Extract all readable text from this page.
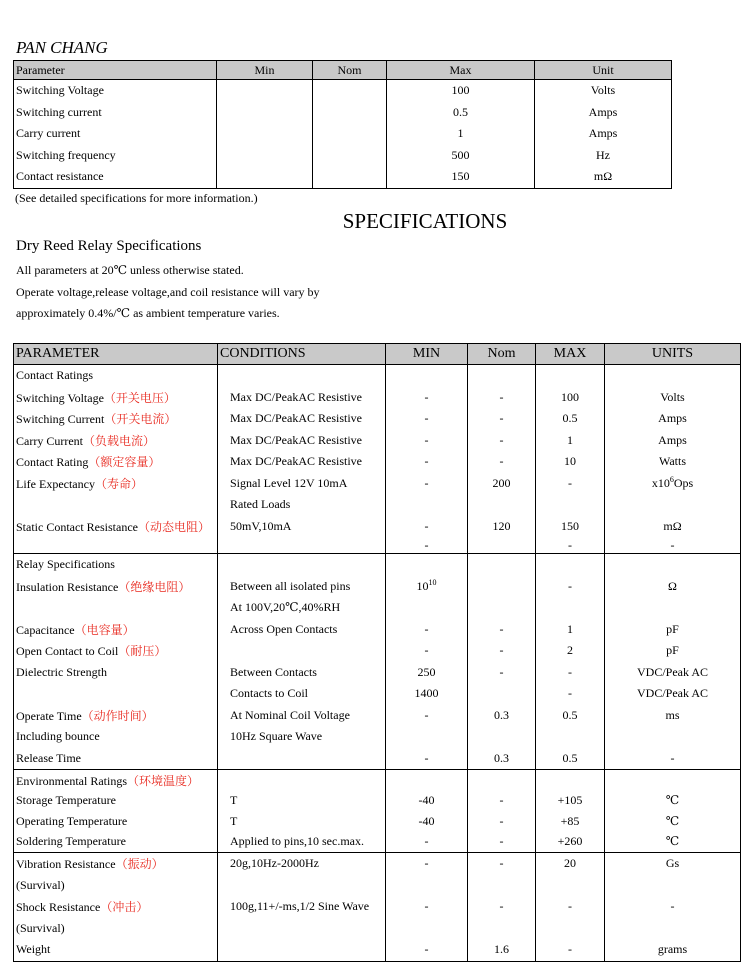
PAN CHANG
Parameter	Min	Nom	Max	Unit
Switching Voltage			100	Volts
Switching current			0.5	Amps
Carry current			1	Amps
Switching frequency			500	Hz
Contact resistance			150	mΩ
(See detailed specifications for more information.)
SPECIFICATIONS
Dry Reed Relay Specifications
All parameters at 20℃ unless otherwise stated.
Operate voltage,release voltage,and coil resistance will vary by
approximately 0.4%/℃ as ambient temperature varies.
PARAMETER	CONDITIONS	MIN	Nom	MAX	UNITS
Contact Ratings					
Switching Voltage（开关电压）	Max DC/PeakAC Resistive	-	-	100	Volts
Switching Current（开关电流）	Max DC/PeakAC Resistive	-	-	0.5	Amps
Carry Current（负载电流）	Max DC/PeakAC Resistive	-	-	1	Amps
Contact Rating（额定容量）	Max DC/PeakAC Resistive	-	-	10	Watts
Life Expectancy（寿命）	Signal Level 12V 10mA	-	200	-	$x10^6Ops$
	Rated Loads				
Static Contact Resistance（动态电阻）	50mV,10mA	-	120	150	mΩ
		-		-	-
Relay Specifications					
Insulation Resistance（绝缘电阻）	Between all isolated pins	$10^{10}$		-	Ω
	At 100V,20℃,40%RH				
Capacitance（电容量）	Across Open Contacts	-	-	1	pF
Open Contact to Coil（耐压）		-	-	2	pF
Dielectric Strength	Between Contacts	250	-	-	VDC/Peak AC
	Contacts to Coil	1400		-	VDC/Peak AC
Operate Time（动作时间）	At Nominal Coil Voltage	-	0.3	0.5	ms
Including bounce	10Hz Square Wave				
Release Time		-	0.3	0.5	-
Environmental Ratings（环境温度）					
Storage Temperature	T	-40	-	+105	℃
Operating Temperature	T	-40	-	+85	℃
Soldering Temperature	Applied to pins,10 sec.max.	-	-	+260	℃
Vibration Resistance（振动）	20g,10Hz-2000Hz	-	-	20	Gs
(Survival)					
Shock Resistance（冲击）	100g,11+/-ms,1/2 Sine Wave	-	-	-	-
(Survival)					
Weight		-	1.6	-	grams
